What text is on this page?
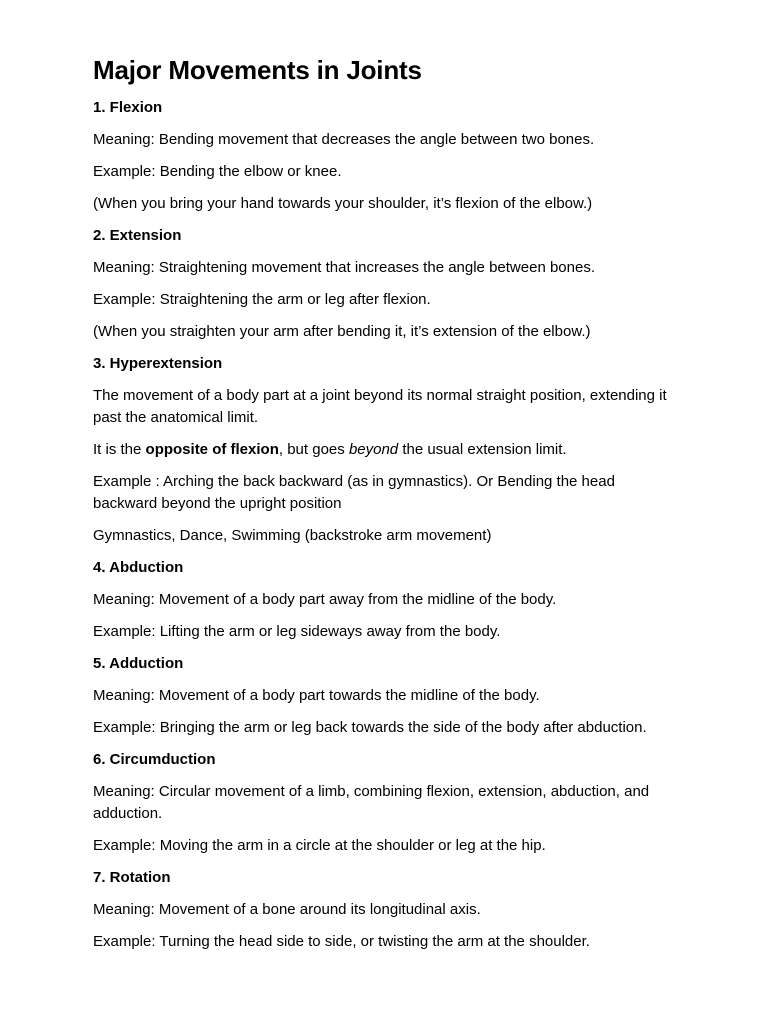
Major Movements in Joints
1. Flexion

Meaning: Bending movement that decreases the angle between two bones.

Example: Bending the elbow or knee.

(When you bring your hand towards your shoulder, it’s flexion of the elbow.)

2. Extension

Meaning: Straightening movement that increases the angle between bones.

Example: Straightening the arm or leg after flexion.

(When you straighten your arm after bending it, it’s extension of the elbow.)

3. Hyperextension

The movement of a body part at a joint beyond its normal straight position, extending it past the anatomical limit.

It is the opposite of flexion, but goes beyond the usual extension limit.

Example : Arching the back backward (as in gymnastics). Or Bending the head backward beyond the upright position

Gymnastics, Dance, Swimming (backstroke arm movement)

4. Abduction

Meaning: Movement of a body part away from the midline of the body.

Example: Lifting the arm or leg sideways away from the body.

5. Adduction

Meaning: Movement of a body part towards the midline of the body.

Example: Bringing the arm or leg back towards the side of the body after abduction.

6. Circumduction

Meaning: Circular movement of a limb, combining flexion, extension, abduction, and adduction.

Example: Moving the arm in a circle at the shoulder or leg at the hip.

7. Rotation

Meaning: Movement of a bone around its longitudinal axis.

Example: Turning the head side to side, or twisting the arm at the shoulder.
